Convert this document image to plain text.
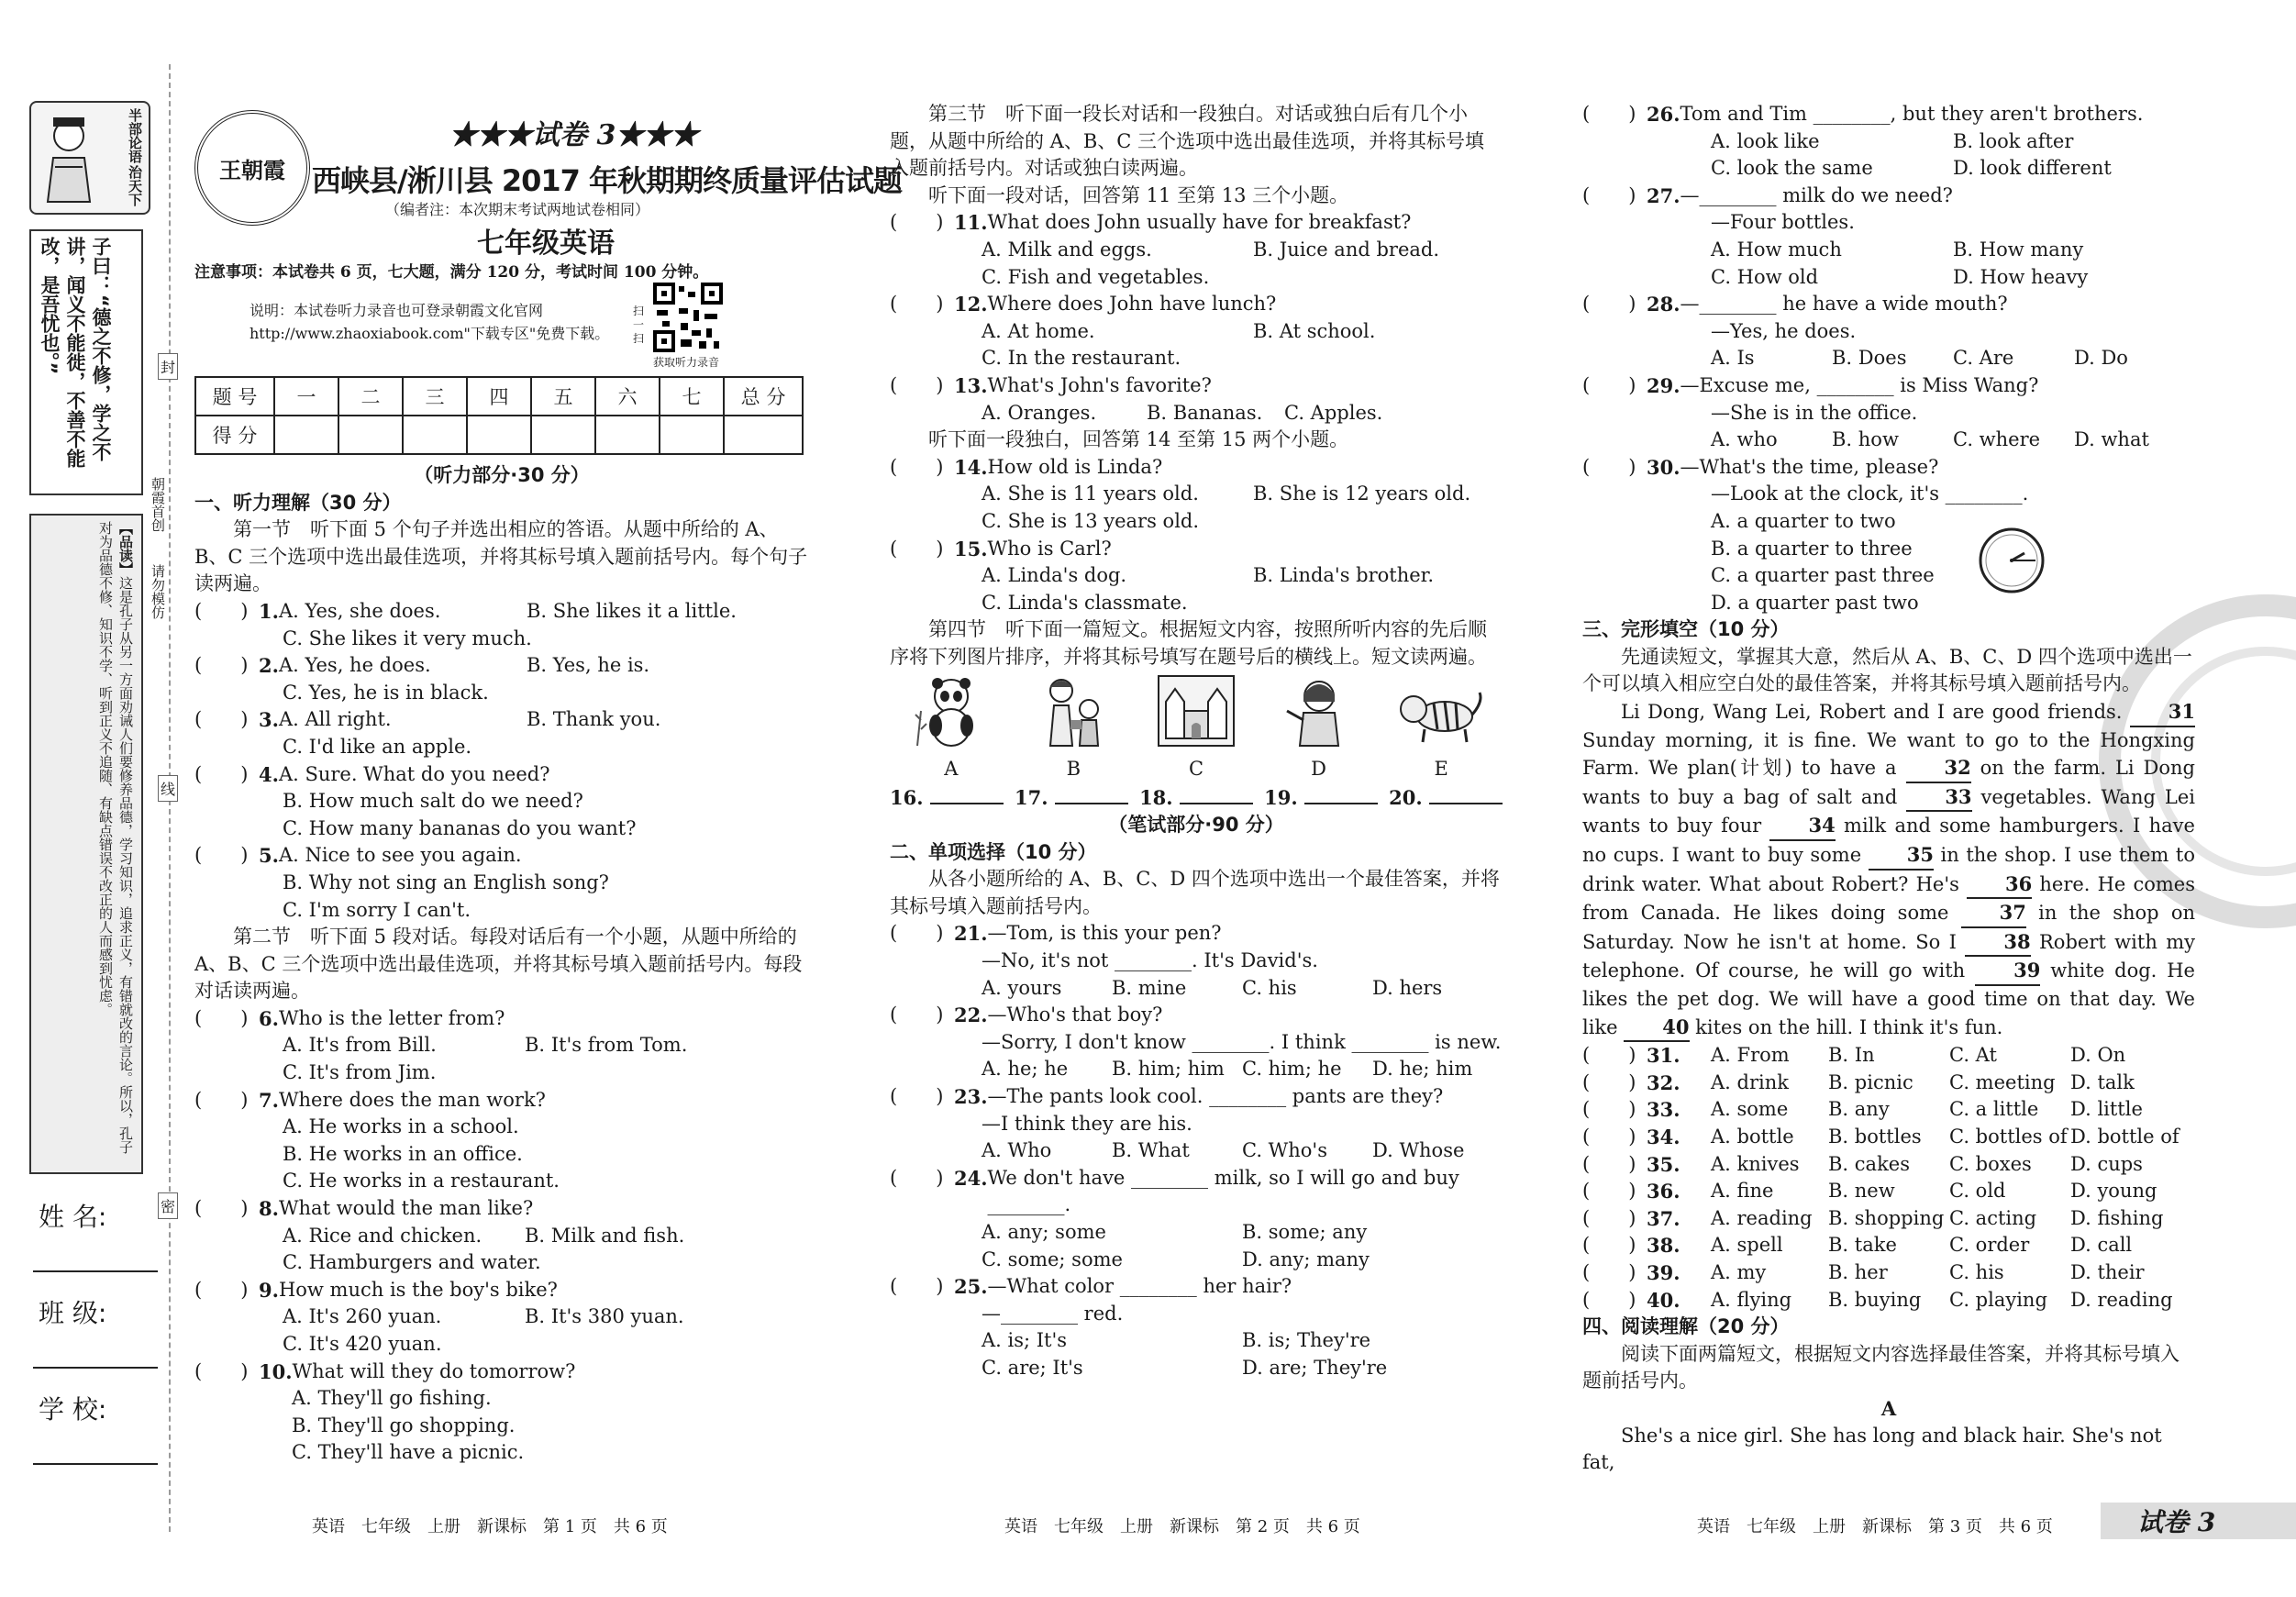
半部论语
治天下
子曰：“德之不修，学之不讲，闻义不能徙，不善不能改，是吾忧也。”
【品读】这是孔子从另一方面劝诫人们要修养品德，学习知识，追求正义，有错就改的言论。所以，孔子对为品德不修、知识不学、听到正义不追随、有缺点错误不改正的人而感到忧虑。
朝霞首创
请勿模仿
封
线
密
姓 名:
班 级:
学 校:
王朝霞
★★★试卷 3★★★
西峡县/淅川县 2017 年秋期期终质量评估试题
（编者注：本次期末考试两地试卷相同）
七年级英语
注意事项：本试卷共 6 页，七大题，满分 120 分，考试时间 100 分钟。
说明：本试卷听力录音也可登录朝霞文化官网 http://www.zhaoxiabook.com"下载专区"免费下载。
扫一扫
获取听力录音
题 号	一	二	三	四	五	六	七	总 分
得 分								

（听力部分·30 分）

一、听力理解（30 分）

第一节　听下面 5 个句子并选出相应的答语。从题中所给的 A、B、C 三个选项中选出最佳选项，并将其标号填入题前括号内。每个句子读两遍。

(　　) 1. A. Yes, she does.	B. She likes it a little.
C. She likes it very much.
(　　) 2. A. Yes, he does.	B. Yes, he is.
C. Yes, he is in black.
(　　) 3. A. All right.	B. Thank you.
C. I'd like an apple.
(　　) 4. A. Sure. What do you need?
B. How much salt do we need?
C. How many bananas do you want?
(　　) 5. A. Nice to see you again.
B. Why not sing an English song?
C. I'm sorry I can't.

第二节　听下面 5 段对话。每段对话后有一个小题，从题中所给的 A、B、C 三个选项中选出最佳选项，并将其标号填入题前括号内。每段对话读两遍。

(　　) 6. Who is the letter from?
A. It's from Bill.	B. It's from Tom.
C. It's from Jim.
(　　) 7. Where does the man work?
A. He works in a school.
B. He works in an office.
C. He works in a restaurant.
(　　) 8. What would the man like?
A. Rice and chicken.	B. Milk and fish.
C. Hamburgers and water.
(　　) 9. How much is the boy's bike?
A. It's 260 yuan.	B. It's 380 yuan.
C. It's 420 yuan.
(　　) 10. What will they do tomorrow?
A. They'll go fishing.
B. They'll go shopping.
C. They'll have a picnic.
英语　七年级　上册　新课标　第 1 页　共 6 页

第三节　听下面一段长对话和一段独白。对话或独白后有几个小题，从题中所给的 A、B、C 三个选项中选出最佳选项，并将其标号填入题前括号内。对话或独白读两遍。

听下面一段对话，回答第 11 至第 13 三个小题。

(　　) 11. What does John usually have for breakfast?
A. Milk and eggs.	B. Juice and bread.
C. Fish and vegetables.
(　　) 12. Where does John have lunch?
A. At home.	B. At school.
C. In the restaurant.
(　　) 13. What's John's favorite?
A. Oranges.	B. Bananas.	C. Apples.

听下面一段独白，回答第 14 至第 15 两个小题。

(　　) 14. How old is Linda?
A. She is 11 years old.	B. She is 12 years old.
C. She is 13 years old.
(　　) 15. Who is Carl?
A. Linda's dog.	B. Linda's brother.
C. Linda's classmate.

第四节　听下面一篇短文。根据短文内容，按照所听内容的先后顺序将下列图片排序，并将其标号填写在题号后的横线上。短文读两遍。

A	B	C	D	E
16.	17.	18.	19.	20.

（笔试部分·90 分）

二、单项选择（10 分）

从各小题所给的 A、B、C、D 四个选项中选出一个最佳答案，并将其标号填入题前括号内。

(　　) 21. —Tom, is this your pen?
—No, it's not ________. It's David's.
A. yours	B. mine	C. his	D. hers
(　　) 22. —Who's that boy?
—Sorry, I don't know ________. I think ________ is new.
A. he; he	B. him; him C. him; he	D. he; him
(　　) 23. —The pants look cool. ________ pants are they?
—I think they are his.
A. Who	B. What	C. Who's	D. Whose
(　　) 24. We don't have ________ milk, so I will go and buy ________.
A. any; some	B. some; any
C. some; some	D. any; many
(　　) 25. —What color ________ her hair?
—________ red.
A. is; It's	B. is; They're
C. are; It's	D. are; They're
英语　七年级　上册　新课标　第 2 页　共 6 页
(　　) 26. Tom and Tim ________, but they aren't brothers.
A. look like	B. look after
C. look the same	D. look different
(　　) 27. —________ milk do we need?
—Four bottles.
A. How much	B. How many
C. How old	D. How heavy
(　　) 28. —________ he have a wide mouth?
—Yes, he does.
A. Is	B. Does	C. Are	D. Do
(　　) 29. —Excuse me, ________ is Miss Wang?
—She is in the office.
A. who	B. how	C. where	D. what
(　　) 30. —What's the time, please?
—Look at the clock, it's ________.
A. a quarter to two
B. a quarter to three
C. a quarter past three
D. a quarter past two

三、完形填空（10 分）

先通读短文，掌握其大意，然后从 A、B、C、D 四个选项中选出一个可以填入相应空白处的最佳答案，并将其标号填入题前括号内。

Li Dong, Wang Lei, Robert and I are good friends. 31 Sunday morning, it is fine. We want to go to the Hongxing Farm. We plan(计划) to have a 32 on the farm. Li Dong wants to buy a bag of salt and 33 vegetables. Wang Lei wants to buy four 34 milk and some hamburgers. I have no cups. I want to buy some 35 in the shop. I use them to drink water. What about Robert? He's 36 here. He comes from Canada. He likes doing some 37 in the shop on Saturday. Now he isn't at home. So I 38 Robert with my telephone. Of course, he will go with 39 white dog. He likes the pet dog. We will have a good time on that day. We like 40 kites on the hill. I think it's fun.

(　　) 31.	A. From	B. In	C. At	D. On
(　　) 32.	A. drink	B. picnic	C. meeting D. talk
(　　) 33.	A. some	B. any	C. a little	D. little
(　　) 34.	A. bottle	B. bottles	C. bottles of D. bottle of
(　　) 35.	A. knives	B. cakes	C. boxes	D. cups
(　　) 36.	A. fine	B. new	C. old	D. young
(　　) 37.	A. reading B. shopping C. acting	D. fishing
(　　) 38.	A. spell	B. take	C. order	D. call
(　　) 39.	A. my	B. her	C. his	D. their
(　　) 40.	A. flying	B. buying	C. playing	D. reading

四、阅读理解（20 分）

阅读下面两篇短文，根据短文内容选择最佳答案，并将其标号填入题前括号内。

A

She's a nice girl. She has long and black hair. She's not fat,

英语　七年级　上册　新课标　第 3 页　共 6 页	试卷 3
